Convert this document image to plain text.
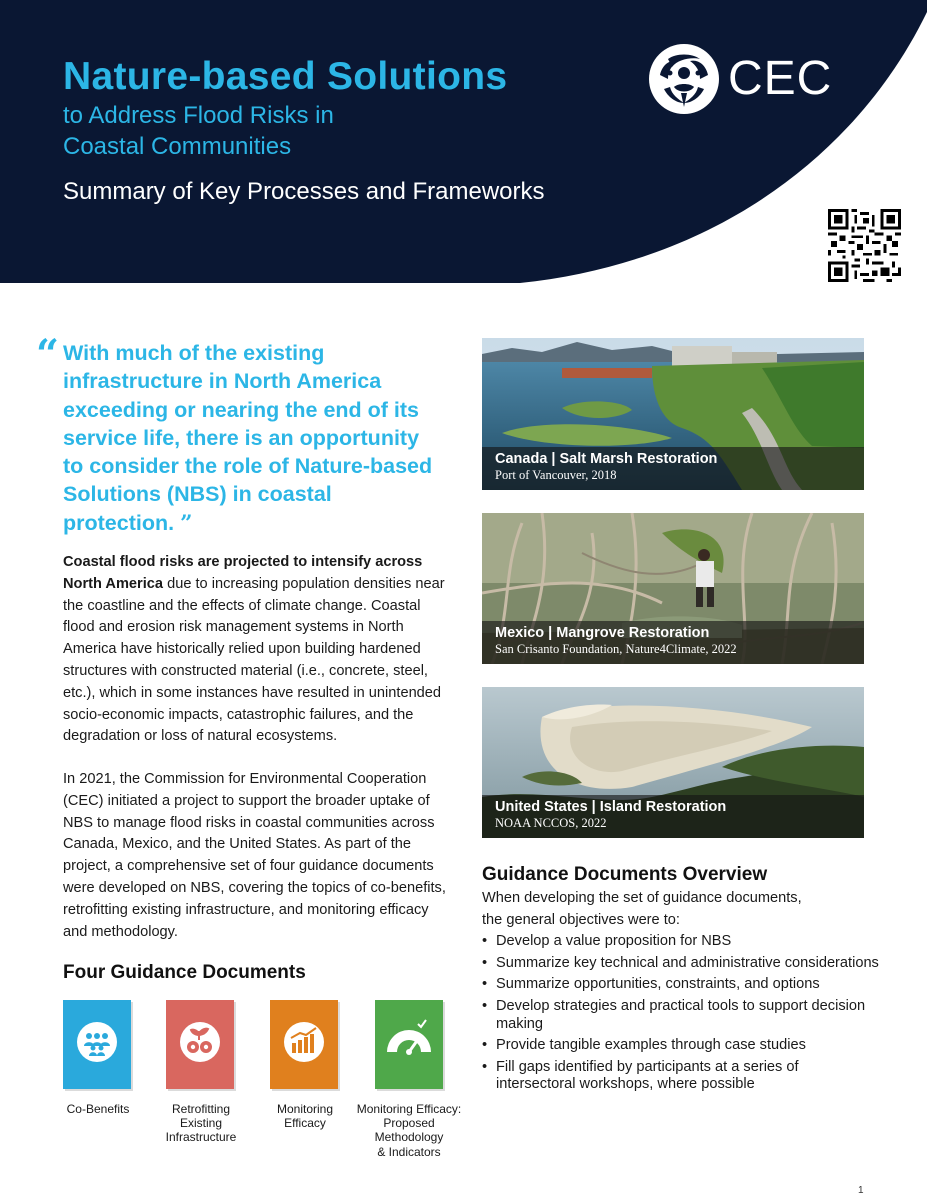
Nature-based Solutions
to Address Flood Risks in
Coastal Communities
Summary of Key Processes and Frameworks
CEC
“ With much of the existing infrastructure in North America exceeding or nearing the end of its service life, there is an opportunity to consider the role of Nature-based Solutions (NBS) in coastal protection. ”
Coastal flood risks are projected to intensify across North America due to increasing population densities near the coastline and the effects of climate change. Coastal flood and erosion risk management systems in North America have historically relied upon building hardened structures with constructed material (i.e., concrete, steel, etc.), which in some instances have resulted in unintended socio-economic impacts, catastrophic failures, and the degradation or loss of natural ecosystems.
In 2021, the Commission for Environmental Cooperation (CEC) initiated a project to support the broader uptake of NBS to manage flood risks in coastal communities across Canada, Mexico, and the United States. As part of the project, a comprehensive set of four guidance documents were developed on NBS, covering the topics of co-benefits, retrofitting existing infrastructure, and monitoring efficacy and methodology.
Four Guidance Documents
Co-Benefits	Retrofitting
Existing
Infrastructure
Monitoring
Efficacy
Monitoring Efficacy:
Proposed
Methodology
& Indicators
Canada | Salt Marsh Restoration
Port of Vancouver, 2018
Mexico | Mangrove Restoration
San Crisanto Foundation, Nature4Climate, 2022
United States | Island Restoration
NOAA NCCOS, 2022
Guidance Documents Overview
When developing the set of guidance documents,
the general objectives were to:
• Develop a value proposition for NBS
• Summarize key technical and administrative considerations
• Summarize opportunities, constraints, and options
• Develop strategies and practical tools to support decision making
• Provide tangible examples through case studies
• Fill gaps identified by participants at a series of intersectoral workshops, where possible
1
